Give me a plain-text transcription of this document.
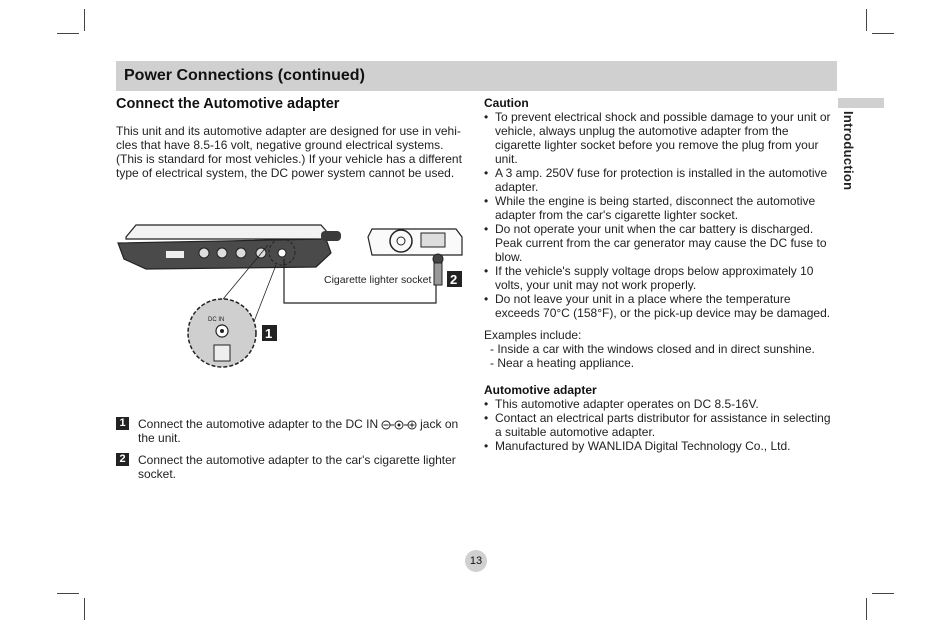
Power Connections (continued)
Introduction
Connect the Automotive adapter
This unit and its automotive adapter are designed for use in vehi-
cles that have 8.5-16 volt, negative ground electrical systems.
(This is standard for most vehicles.) If your vehicle has a different
type of electrical system, the DC power system cannot be used.
DC IN
Cigarette lighter socket 2
1
1 Connect the automotive adapter to the DC IN	jack on the unit.
2 Connect the automotive adapter to the car's cigarette lighter socket.
Caution
• To prevent electrical shock and possible damage to your unit or vehicle, always unplug the automotive adapter from the cigarette lighter socket before you remove the plug from your unit.
• A 3 amp. 250V fuse for protection is installed in the automotive adapter.
• While the engine is being started, disconnect the automotive adapter from the car's cigarette lighter socket.
• Do not operate your unit when the car battery is discharged. Peak current from the car generator may cause the DC fuse to blow.
• If the vehicle's supply voltage drops below approximately 10 volts, your unit may not work properly.
• Do not leave your unit in a place where the temperature exceeds 70°C (158°F), or the pick-up device may be damaged.
Examples include:
- Inside a car with the windows closed and in direct sunshine.
- Near a heating appliance.
Automotive adapter
• This automotive adapter operates on DC 8.5-16V.
• Contact an electrical parts distributor for assistance in selecting a suitable automotive adapter.
• Manufactured by WANLIDA Digital Technology Co., Ltd.
13
